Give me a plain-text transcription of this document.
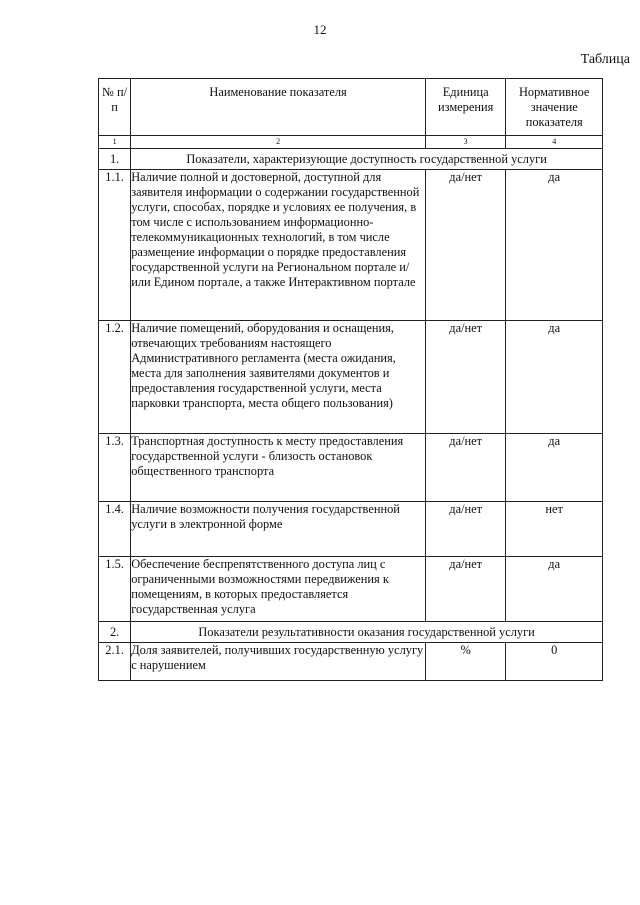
12
Таблица
№ п/п	Наименование показателя	Единица измерения	Нормативное значение показателя
1	2	3	4
1.	Показатели, характеризующие доступность государственной услуги		
1.1.	Наличие полной и достоверной, доступной для заявителя информации о содержании государственной услуги, способах, порядке и условиях ее получения, в том числе с использованием информационно-телекоммуникационных технологий, в том числе размещение информации о порядке предоставления государственной услуги на Региональном портале и/или Едином портале, а также Интерактивном портале	да/нет	да
1.2.	Наличие помещений, оборудования и оснащения, отвечающих требованиям настоящего Административного регламента (места ожидания, места для заполнения заявителями документов и предоставления государственной услуги, места парковки транспорта, места общего пользования)	да/нет	да
1.3.	Транспортная доступность к месту предоставления государственной услуги - близость остановок общественного транспорта	да/нет	да
1.4.	Наличие возможности получения государственной услуги в электронной форме	да/нет	нет
1.5.	Обеспечение беспрепятственного доступа лиц с ограниченными возможностями передвижения к помещениям, в которых предоставляется государственная услуга	да/нет	да
2.	Показатели результативности оказания государственной услуги		
2.1.	Доля заявителей, получивших государственную услугу с нарушением	%	0
